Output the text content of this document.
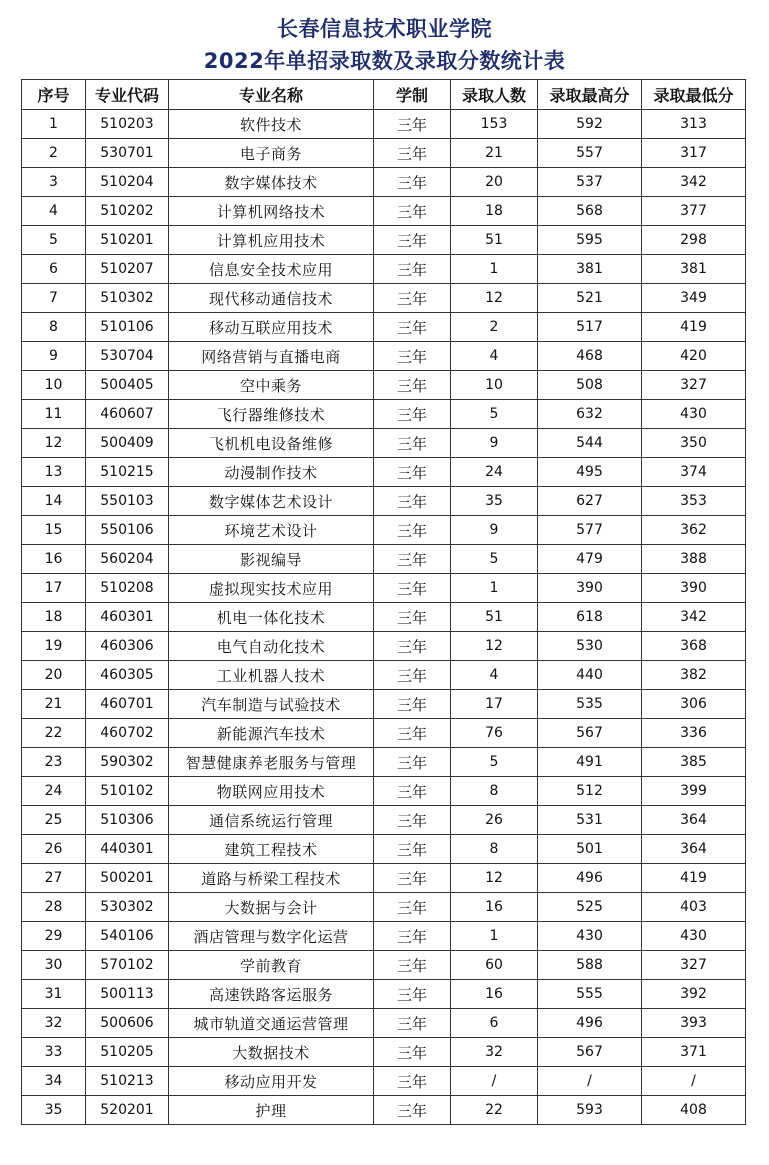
长春信息技术职业学院
2022年单招录取数及录取分数统计表
序号	专业代码	专业名称	学制	录取人数	录取最高分	录取最低分
1	510203	软件技术	三年	153	592	313
2	530701	电子商务	三年	21	557	317
3	510204	数字媒体技术	三年	20	537	342
4	510202	计算机网络技术	三年	18	568	377
5	510201	计算机应用技术	三年	51	595	298
6	510207	信息安全技术应用	三年	1	381	381
7	510302	现代移动通信技术	三年	12	521	349
8	510106	移动互联应用技术	三年	2	517	419
9	530704	网络营销与直播电商	三年	4	468	420
10	500405	空中乘务	三年	10	508	327
11	460607	飞行器维修技术	三年	5	632	430
12	500409	飞机机电设备维修	三年	9	544	350
13	510215	动漫制作技术	三年	24	495	374
14	550103	数字媒体艺术设计	三年	35	627	353
15	550106	环境艺术设计	三年	9	577	362
16	560204	影视编导	三年	5	479	388
17	510208	虚拟现实技术应用	三年	1	390	390
18	460301	机电一体化技术	三年	51	618	342
19	460306	电气自动化技术	三年	12	530	368
20	460305	工业机器人技术	三年	4	440	382
21	460701	汽车制造与试验技术	三年	17	535	306
22	460702	新能源汽车技术	三年	76	567	336
23	590302	智慧健康养老服务与管理	三年	5	491	385
24	510102	物联网应用技术	三年	8	512	399
25	510306	通信系统运行管理	三年	26	531	364
26	440301	建筑工程技术	三年	8	501	364
27	500201	道路与桥梁工程技术	三年	12	496	419
28	530302	大数据与会计	三年	16	525	403
29	540106	酒店管理与数字化运营	三年	1	430	430
30	570102	学前教育	三年	60	588	327
31	500113	高速铁路客运服务	三年	16	555	392
32	500606	城市轨道交通运营管理	三年	6	496	393
33	510205	大数据技术	三年	32	567	371
34	510213	移动应用开发	三年	/	/	/
35	520201	护理	三年	22	593	408
